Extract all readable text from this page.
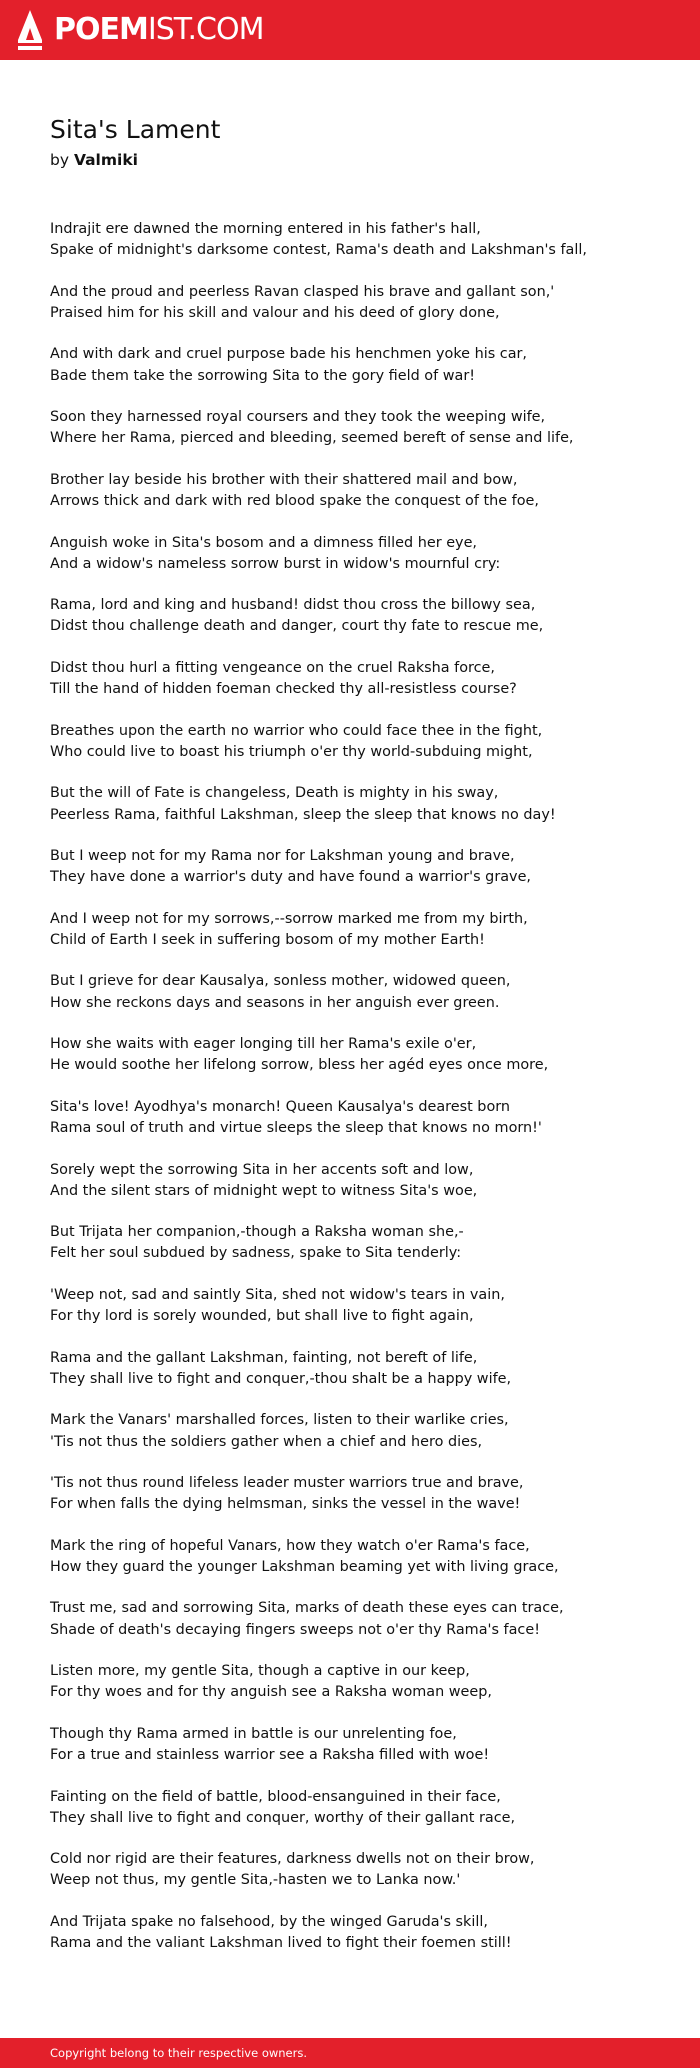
POEMIST.COM
Sita's Lament
by Valmiki

Indrajit ere dawned the morning entered in his father's hall,
Spake of midnight's darksome contest, Rama's death and Lakshman's fall,

And the proud and peerless Ravan clasped his brave and gallant son,'
Praised him for his skill and valour and his deed of glory done,

And with dark and cruel purpose bade his henchmen yoke his car,
Bade them take the sorrowing Sita to the gory field of war!

Soon they harnessed royal coursers and they took the weeping wife,
Where her Rama, pierced and bleeding, seemed bereft of sense and life,

Brother lay beside his brother with their shattered mail and bow,
Arrows thick and dark with red blood spake the conquest of the foe,

Anguish woke in Sita's bosom and a dimness filled her eye,
And a widow's nameless sorrow burst in widow's mournful cry:

Rama, lord and king and husband! didst thou cross the billowy sea,
Didst thou challenge death and danger, court thy fate to rescue me,

Didst thou hurl a fitting vengeance on the cruel Raksha force,
Till the hand of hidden foeman checked thy all-resistless course?

Breathes upon the earth no warrior who could face thee in the fight,
Who could live to boast his triumph o'er thy world-subduing might,

But the will of Fate is changeless, Death is mighty in his sway,
Peerless Rama, faithful Lakshman, sleep the sleep that knows no day!

But I weep not for my Rama nor for Lakshman young and brave,
They have done a warrior's duty and have found a warrior's grave,

And I weep not for my sorrows,--sorrow marked me from my birth,
Child of Earth I seek in suffering bosom of my mother Earth!

But I grieve for dear Kausalya, sonless mother, widowed queen,
How she reckons days and seasons in her anguish ever green.

How she waits with eager longing till her Rama's exile o'er,
He would soothe her lifelong sorrow, bless her agéd eyes once more,

Sita's love! Ayodhya's monarch! Queen Kausalya's dearest born
Rama soul of truth and virtue sleeps the sleep that knows no morn!'

Sorely wept the sorrowing Sita in her accents soft and low,
And the silent stars of midnight wept to witness Sita's woe,

But Trijata her companion,-though a Raksha woman she,-
Felt her soul subdued by sadness, spake to Sita tenderly:

'Weep not, sad and saintly Sita, shed not widow's tears in vain,
For thy lord is sorely wounded, but shall live to fight again,

Rama and the gallant Lakshman, fainting, not bereft of life,
They shall live to fight and conquer,-thou shalt be a happy wife,

Mark the Vanars' marshalled forces, listen to their warlike cries,
'Tis not thus the soldiers gather when a chief and hero dies,

'Tis not thus round lifeless leader muster warriors true and brave,
For when falls the dying helmsman, sinks the vessel in the wave!

Mark the ring of hopeful Vanars, how they watch o'er Rama's face,
How they guard the younger Lakshman beaming yet with living grace,

Trust me, sad and sorrowing Sita, marks of death these eyes can trace,
Shade of death's decaying fingers sweeps not o'er thy Rama's face!

Listen more, my gentle Sita, though a captive in our keep,
For thy woes and for thy anguish see a Raksha woman weep,

Though thy Rama armed in battle is our unrelenting foe,
For a true and stainless warrior see a Raksha filled with woe!

Fainting on the field of battle, blood-ensanguined in their face,
They shall live to fight and conquer, worthy of their gallant race,

Cold nor rigid are their features, darkness dwells not on their brow,
Weep not thus, my gentle Sita,-hasten we to Lanka now.'

And Trijata spake no falsehood, by the winged Garuda's skill,
Rama and the valiant Lakshman lived to fight their foemen still!

Copyright belong to their respective owners.
